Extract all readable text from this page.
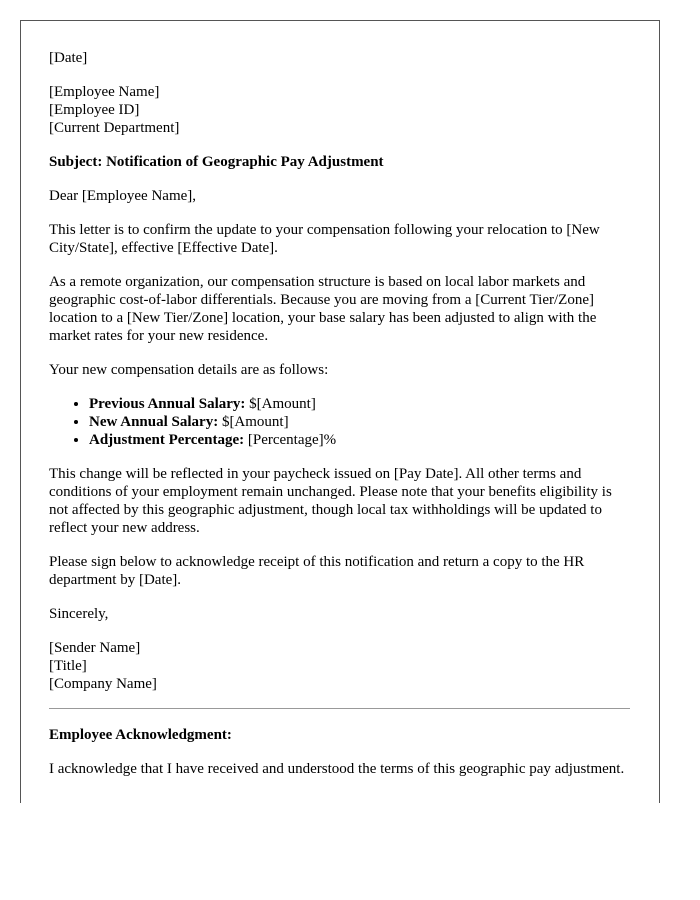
[Date]

[Employee Name]
[Employee ID]
[Current Department]

Subject: Notification of Geographic Pay Adjustment

Dear [Employee Name],

This letter is to confirm the update to your compensation following your relocation to [New City/State], effective [Effective Date].

As a remote organization, our compensation structure is based on local labor markets and geographic cost-of-labor differentials. Because you are moving from a [Current Tier/Zone] location to a [New Tier/Zone] location, your base salary has been adjusted to align with the market rates for your new residence.

Your new compensation details are as follows:

• Previous Annual Salary: $[Amount]
• New Annual Salary: $[Amount]
• Adjustment Percentage: [Percentage]%

This change will be reflected in your paycheck issued on [Pay Date]. All other terms and conditions of your employment remain unchanged. Please note that your benefits eligibility is not affected by this geographic adjustment, though local tax withholdings will be updated to reflect your new address.

Please sign below to acknowledge receipt of this notification and return a copy to the HR department by [Date].

Sincerely,

[Sender Name]
[Title]
[Company Name]

Employee Acknowledgment:

I acknowledge that I have received and understood the terms of this geographic pay adjustment.
